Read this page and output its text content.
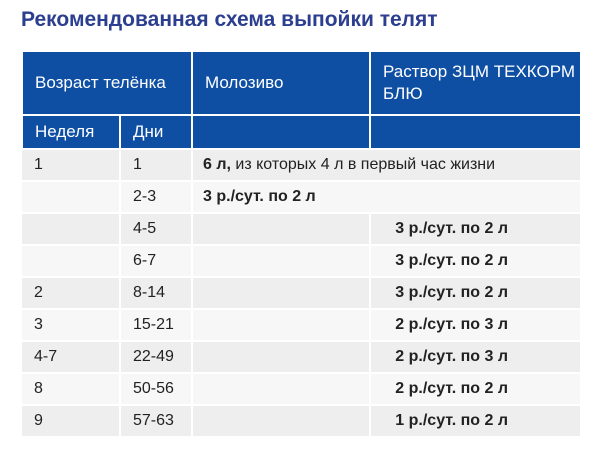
Рекомендованная схема выпойки телят
Возраст телёнка		Молозиво	Раствор ЗЦМ ТЕХКОРМ БЛЮ
Неделя	Дни		
1	1	6 л, из которых 4 л в первый час жизни	
	2-3	3 р./сут. по 2 л	
	4-5		3 р./сут. по 2 л
	6-7		3 р./сут. по 2 л
2	8-14		3 р./сут. по 2 л
3	15-21		2 р./сут. по 3 л
4-7	22-49		2 р./сут. по 3 л
8	50-56		2 р./сут. по 2 л
9	57-63		1 р./сут. по 2 л
